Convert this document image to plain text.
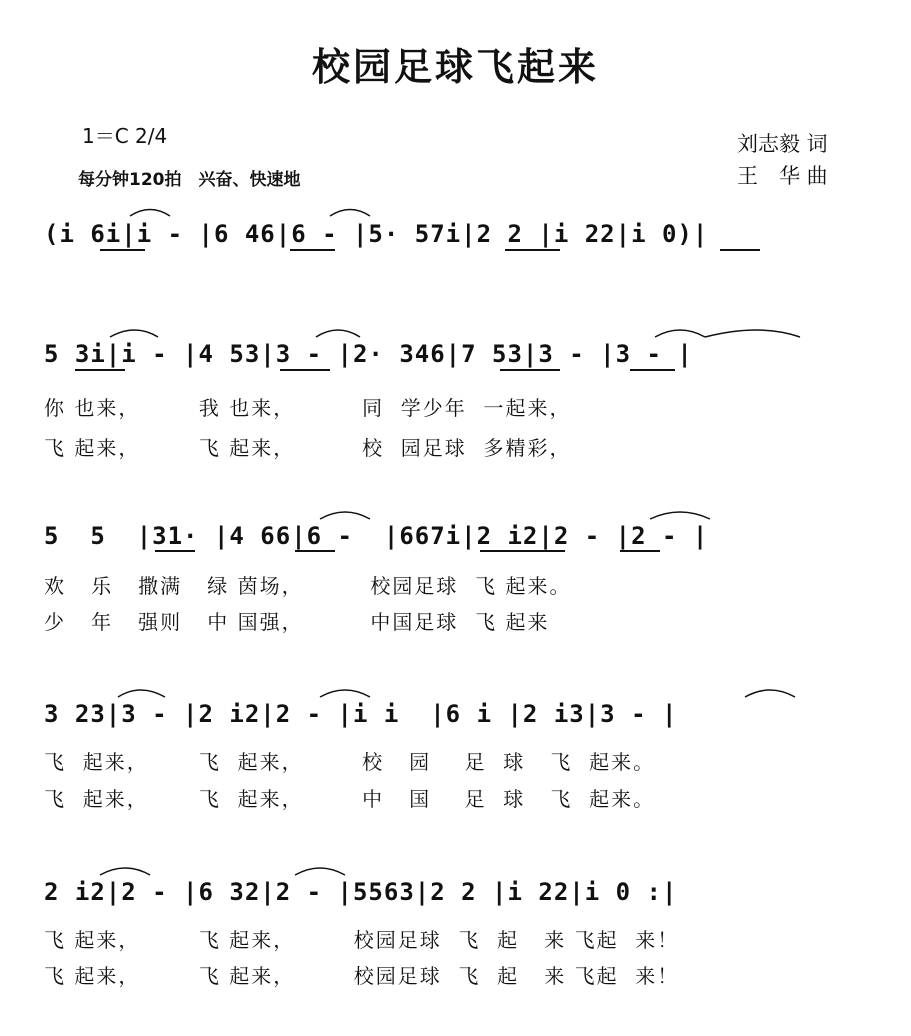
校园足球飞起来
1＝C 2/4
每分钟120拍　兴奋、快速地
刘志毅 词
王　华 曲
(i 6i|i - |6 46|6 - |5· 57i|2 2 |i 22|i 0)|
5 3i|i - |4 53|3 - |2· 346|7 53|3 - |3 - |
你 也来，       我 也来，        同  学少年  一起来，
飞 起来，       飞 起来，        校  园足球  多精彩，
5  5  |31· |4 66|6 -  |667i|2 i2|2 - |2 - |
欢   乐   撒满   绿 茵场，        校园足球  飞 起来。
少   年   强则   中 国强，        中国足球  飞 起来
3 23|3 - |2 i2|2 - |i i  |6 i |2 i3|3 - |
飞  起来，      飞  起来，       校   园    足  球   飞  起来。
飞  起来，      飞  起来，       中   国    足  球   飞  起来。
2 i2|2 - |6 32|2 - |5563|2 2 |i 22|i 0 :|
飞 起来，       飞 起来，       校园足球  飞  起   来 飞起  来！
飞 起来，       飞 起来，       校园足球  飞  起   来 飞起  来！
